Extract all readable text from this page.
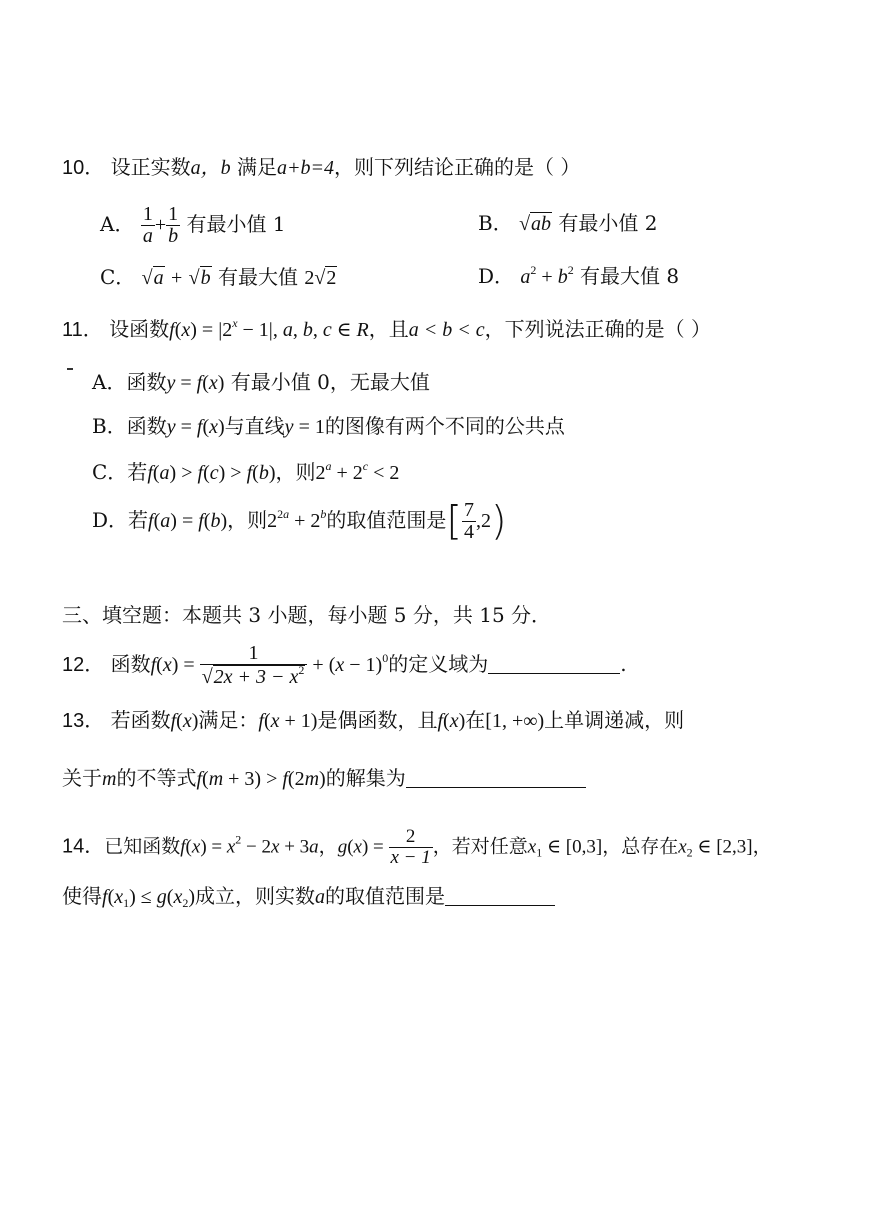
10． 设正实数a，b 满足a+b=4，则下列结论正确的是（ ）
A． $\frac{1}{a} + \frac{1}{b}$ 有最小值 1	B． √ab 有最小值 2
C． √a + √b 有最大值 2√2	D． $a^2 + b^2$ 有最大值 8
11． 设函数$f(x) = |2^x - 1|$, a, b, c ∈ R，且a < b < c，下列说法正确的是（ ）
A．函数y = f(x) 有最小值 0，无最大值
B．函数y = f(x)与直线y = 1的图像有两个不同的公共点
C．若f(a) > f(c) > f(b)，则$2^a + 2^c < 2$
D．若f(a) = f(b)，则$2^{2a} + 2^b$的取值范围是[ $\frac{7}{4} ,2$)
三、填空题：本题共 3 小题，每小题 5 分，共 15 分．
12． 函数$f(x) = \frac{1}{√2x + 3 - x^2} + (x - 1)^0$的定义域为	.
13． 若函数f(x)满足：f(x + 1)是偶函数，且f(x)在[1, +∞)上单调递减，则
关于m的不等式f(m + 3) > f(2m)的解集为
14．已知函数$f(x) = x^2 - 2x + 3a$，$g(x) = \frac{2}{x - 1}$ ，若对任意$x_1$ ∈ [0,3]，总存在$x_2$ ∈ [2,3]，
使得$f(x_1) \le g(x_2)$成立，则实数a的取值范围是
